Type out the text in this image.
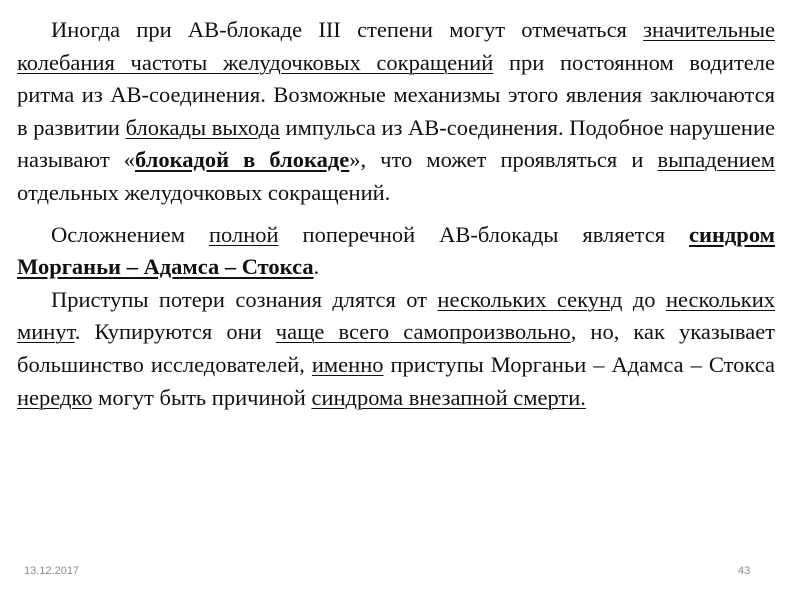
Иногда при АВ-блокаде III степени могут отмечаться значительные колебания частоты желудочковых сокращений при постоянном водителе ритма из АВ-соединения. Возможные механизмы этого явления заключаются в развитии блокады выхода импульса из АВ-соединения. Подобное нарушение называют «блокадой в блокаде», что может проявляться и выпадением отдельных желудочковых сокращений.

Осложнением полной поперечной АВ-блокады является синдром Морганьи – Адамса – Стокса.

Приступы потери сознания длятся от нескольких секунд до нескольких минут. Купируются они чаще всего самопроизвольно, но, как указывает большинство исследователей, именно приступы Морганьи – Адамса – Стокса нередко могут быть причиной синдрома внезапной смерти.

13.12.2017	43
